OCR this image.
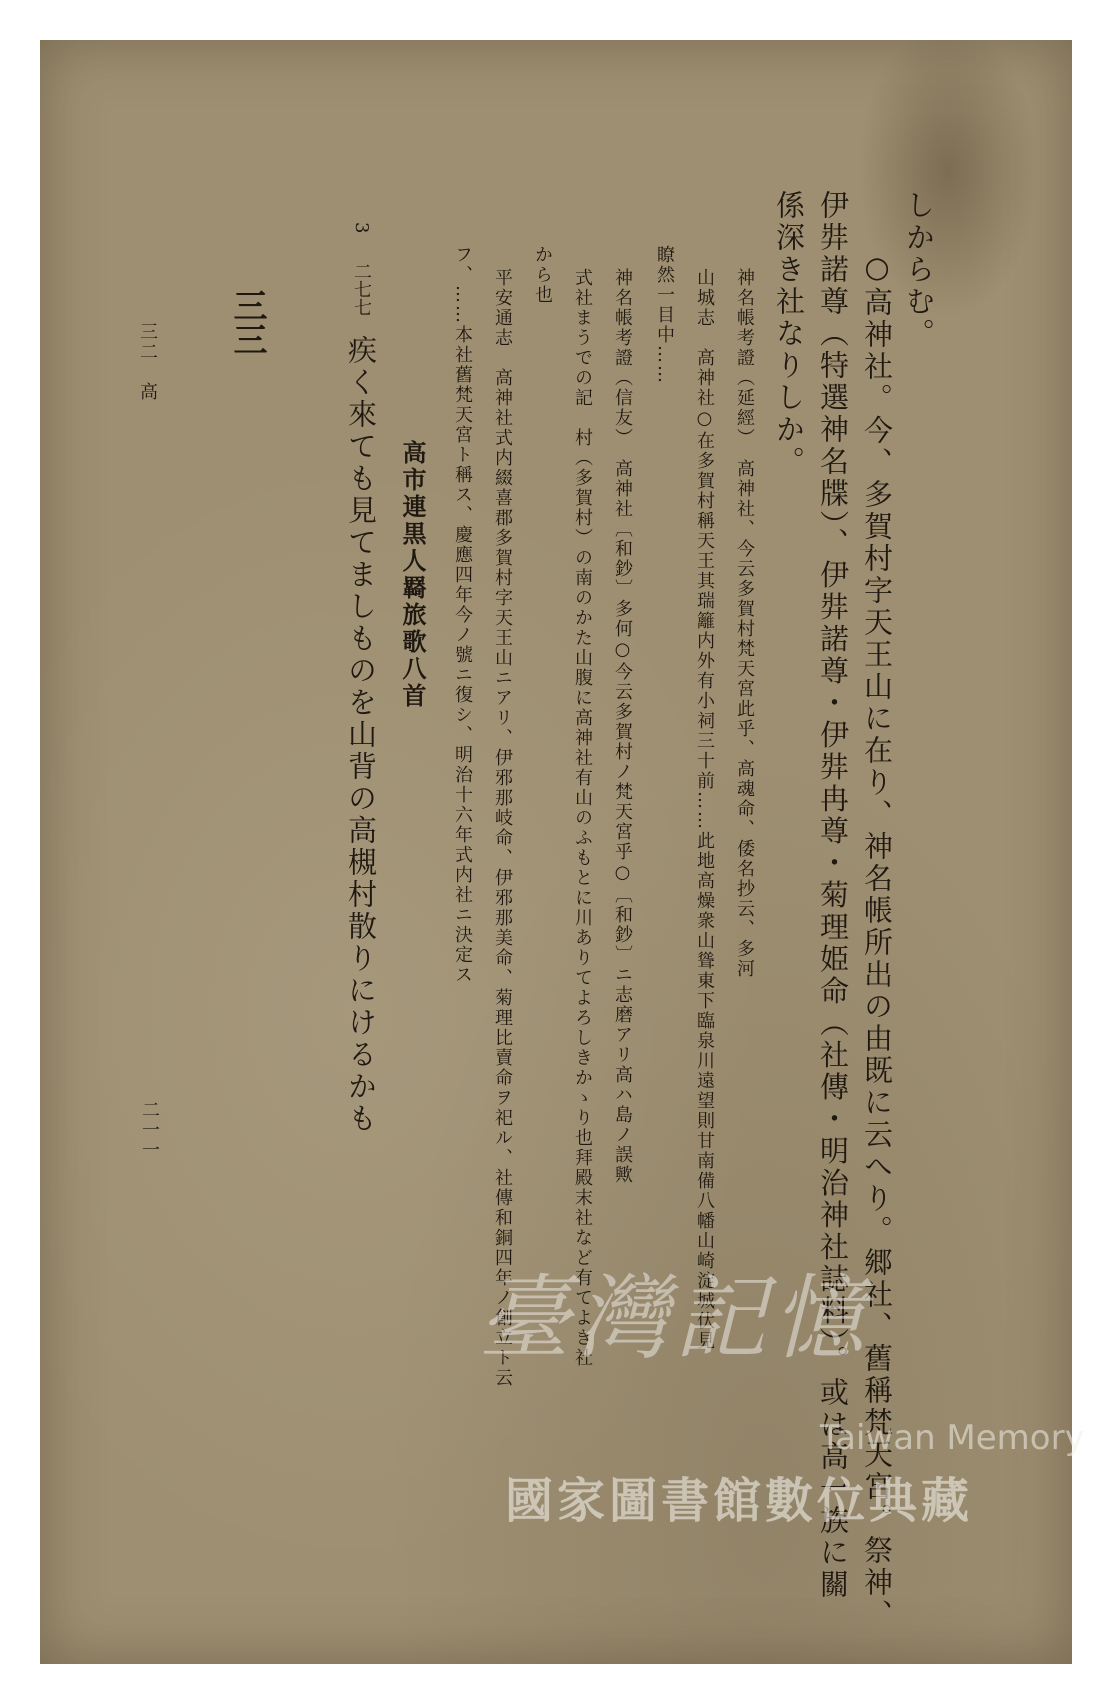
しからむ。
○高神社。今、多賀村字天王山に在り、神名帳所出の由既に云へり。郷社、舊稱梵天宮。祭神、
伊弉諾尊（特選神名牒）、伊弉諾尊・伊弉冉尊・菊理姫命（社傳・明治神社誌料）。或は高一族に關
係深き社なりしか。
神名帳考證（延經）　高神社、今云多賀村梵天宮此乎、高魂命、倭名抄云、多河
山城志　高神社○在多賀村稱天王其瑞籬内外有小祠三十前……此地高燥衆山聳東下臨泉川遠望則甘南備八幡山崎淀城伏見
瞭然一目中……
神名帳考證（信友）　高神社〔和鈔〕多何○今云多賀村ノ梵天宮乎○〔和鈔〕ニ志磨アリ高ハ島ノ誤歟
式社まうでの記　村（多賀村）の南のかた山腹に高神社有山のふもとに川ありてよろしきかゝり也拜殿末社など有てよき社
から也
平安通志　高神社式内綴喜郡多賀村字天王山ニアリ、伊邪那岐命、伊邪那美命、菊理比賣命ヲ祀ル、社傳和銅四年ノ創立ト云
フ、……本社舊梵天宮ト稱ス、慶應四年今ノ號ニ復シ、明治十六年式内社ニ決定ス
高市連黒人羇旅歌八首
3
二七七
疾く來ても見てましものを山背の高槻村散りにけるかも
三三
三二　高
二一一
臺灣記憶
Taiwan Memory
國家圖書館數位典藏
